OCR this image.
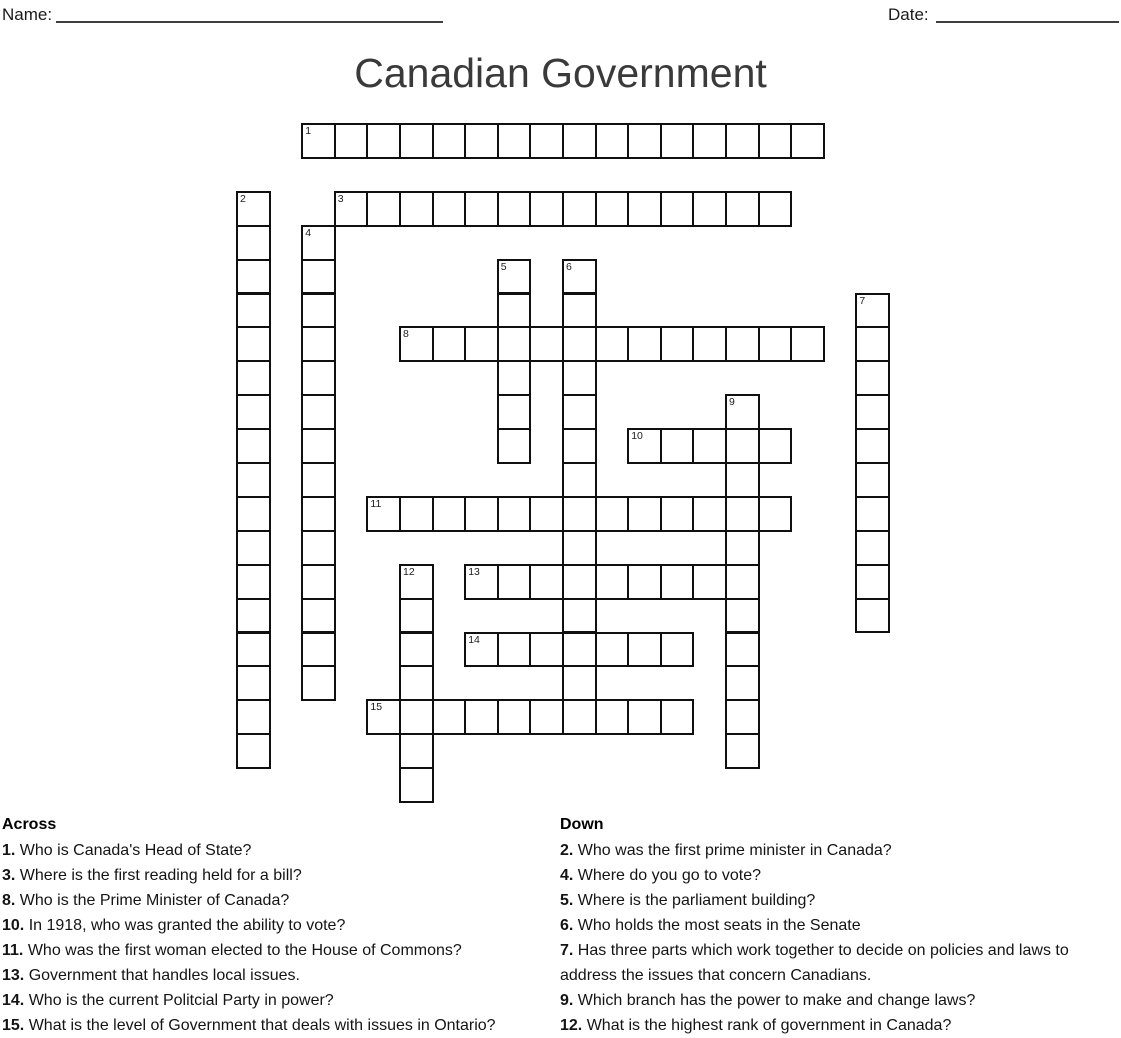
Name:	Date:
Canadian Government
1
2	3
4
5	6
7
8
9
10
11
12	13
14
15
Across
1. Who is Canada's Head of State?
3. Where is the first reading held for a bill?
8. Who is the Prime Minister of Canada?
10. In 1918, who was granted the ability to vote?
11. Who was the first woman elected to the House of Commons?
13. Government that handles local issues.
14. Who is the current Politcial Party in power?
15. What is the level of Government that deals with issues in Ontario?
Down
2. Who was the first prime minister in Canada?
4. Where do you go to vote?
5. Where is the parliament building?
6. Who holds the most seats in the Senate
7. Has three parts which work together to decide on policies and laws to address the issues that concern Canadians.
9. Which branch has the power to make and change laws?
12. What is the highest rank of government in Canada?
